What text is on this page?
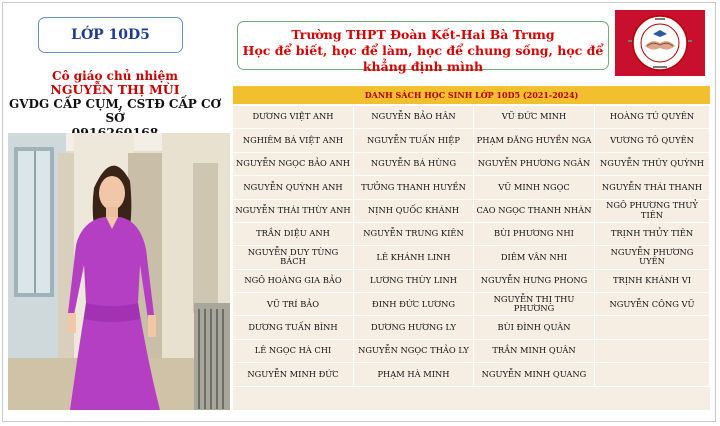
LỚP 10D5
Cô giáo chủ nhiệm
NGUYỄN THỊ MÙI
GVDG CẤP CỤM, CSTĐ CẤP CƠ SỞ
Trường THPT Đoàn Kết-Hai Bà Trưng
Học để biết, học để làm, học để chung sống, học để khẳng định mình
DANH SÁCH HỌC SINH LỚP 10D5 (2021-2024)
DƯƠNG VIỆT ANH	NGUYỄN BẢO HÂN	VŨ ĐỨC MINH	HOÀNG TÚ QUYÊN
NGHIÊM BÁ VIỆT ANH	NGUYỄN TUẤN HIỆP	PHẠM ĐĂNG HUYỀN NGA	VƯƠNG TÔ QUYÊN
NGUYỄN NGỌC BẢO ANH	NGUYỄN BÁ HÙNG	NGUYỄN PHƯƠNG NGÂN	NGUYỄN THÚY QUỲNH
NGUYỄN QUỲNH ANH	TƯỞNG THANH HUYỀN	VŨ MINH NGỌC	NGUYỄN THÁI THANH
NGUYỄN THÁI THÙY ANH	NỊNH QUỐC KHÁNH	CAO NGỌC THANH NHÀN	NGÔ PHƯƠNG THUỶ TIÊN
TRẦN DIỆU ANH	NGUYỄN TRUNG KIÊN	BÙI PHƯƠNG NHI	TRỊNH THỦY TIÊN
NGUYỄN DUY TÙNG BÁCH	LÊ KHÁNH LINH	DIÊM VÂN NHI	NGUYỄN PHƯƠNG UYÊN
NGÔ HOÀNG GIA BẢO	LƯƠNG THÙY LINH	NGUYỄN HƯNG PHONG	TRỊNH KHÁNH VI
VŨ TRÍ BẢO	ĐINH ĐỨC LƯƠNG	NGUYỄN THỊ THU PHƯƠNG	NGUYỄN CÔNG VŨ
DƯƠNG TUẤN BÌNH	DƯƠNG HƯƠNG LY	BÙI ĐÌNH QUÂN
LÊ NGỌC HÀ CHI	NGUYỄN NGỌC THẢO LY	TRẦN MINH QUÂN
NGUYỄN MINH ĐỨC	PHẠM HÀ MINH	NGUYỄN MINH QUANG
